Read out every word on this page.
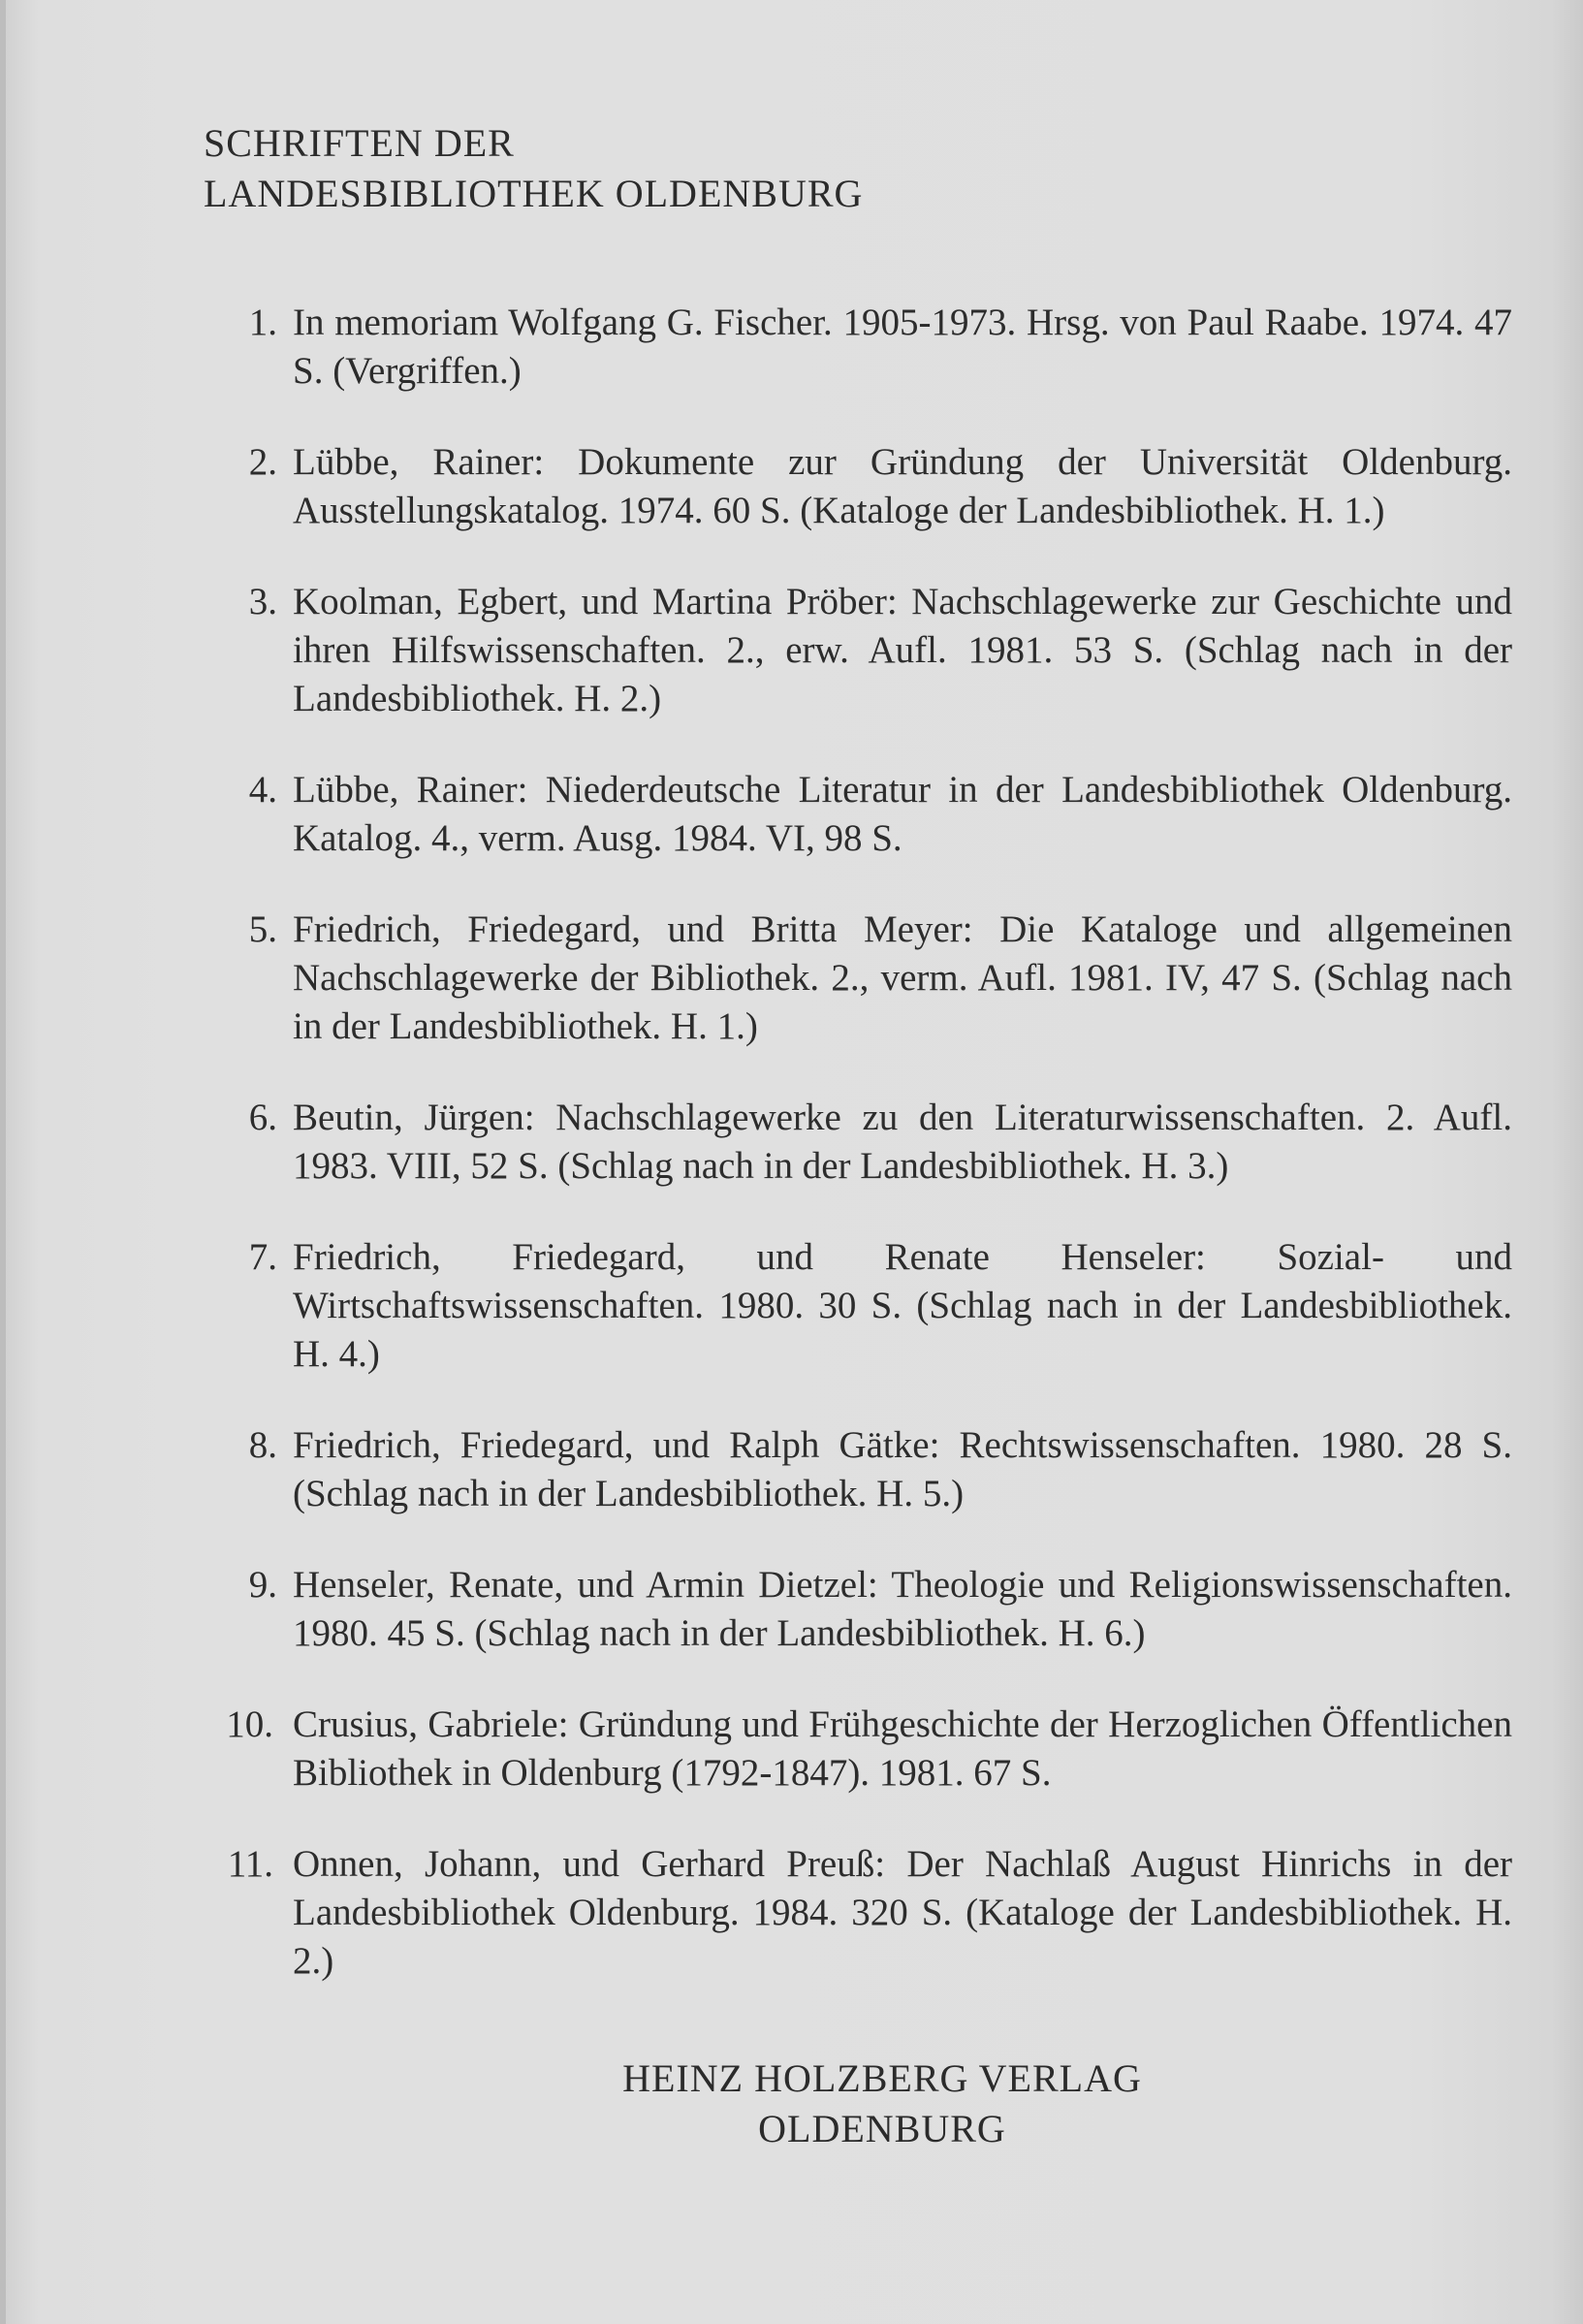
SCHRIFTEN DER
LANDESBIBLIOTHEK OLDENBURG
1. In memoriam Wolfgang G. Fischer. 1905-1973. Hrsg. von Paul Raabe. 1974. 47 S. (Vergriffen.)
2. Lübbe, Rainer: Dokumente zur Gründung der Universität Oldenburg. Ausstellungskatalog. 1974. 60 S. (Kataloge der Landesbibliothek. H. 1.)
3. Koolman, Egbert, und Martina Pröber: Nachschlagewerke zur Geschichte und ihren Hilfswissenschaften. 2., erw. Aufl. 1981. 53 S. (Schlag nach in der Landesbibliothek. H. 2.)
4. Lübbe, Rainer: Niederdeutsche Literatur in der Landesbibliothek Oldenburg. Katalog. 4., verm. Ausg. 1984. VI, 98 S.
5. Friedrich, Friedegard, und Britta Meyer: Die Kataloge und allgemeinen Nachschlagewerke der Bibliothek. 2., verm. Aufl. 1981. IV, 47 S. (Schlag nach in der Landesbibliothek. H. 1.)
6. Beutin, Jürgen: Nachschlagewerke zu den Literaturwissenschaften. 2. Aufl. 1983. VIII, 52 S. (Schlag nach in der Landesbibliothek. H. 3.)
7. Friedrich, Friedegard, und Renate Henseler: Sozial- und Wirtschaftswissenschaften. 1980. 30 S. (Schlag nach in der Landesbibliothek. H. 4.)
8. Friedrich, Friedegard, und Ralph Gätke: Rechtswissenschaften. 1980. 28 S. (Schlag nach in der Landesbibliothek. H. 5.)
9. Henseler, Renate, und Armin Dietzel: Theologie und Religionswissenschaften. 1980. 45 S. (Schlag nach in der Landesbibliothek. H. 6.)
10. Crusius, Gabriele: Gründung und Frühgeschichte der Herzoglichen Öffentlichen Bibliothek in Oldenburg (1792-1847). 1981. 67 S.
11. Onnen, Johann, und Gerhard Preuß: Der Nachlaß August Hinrichs in der Landesbibliothek Oldenburg. 1984. 320 S. (Kataloge der Landesbibliothek. H. 2.)
HEINZ HOLZBERG VERLAG
OLDENBURG
